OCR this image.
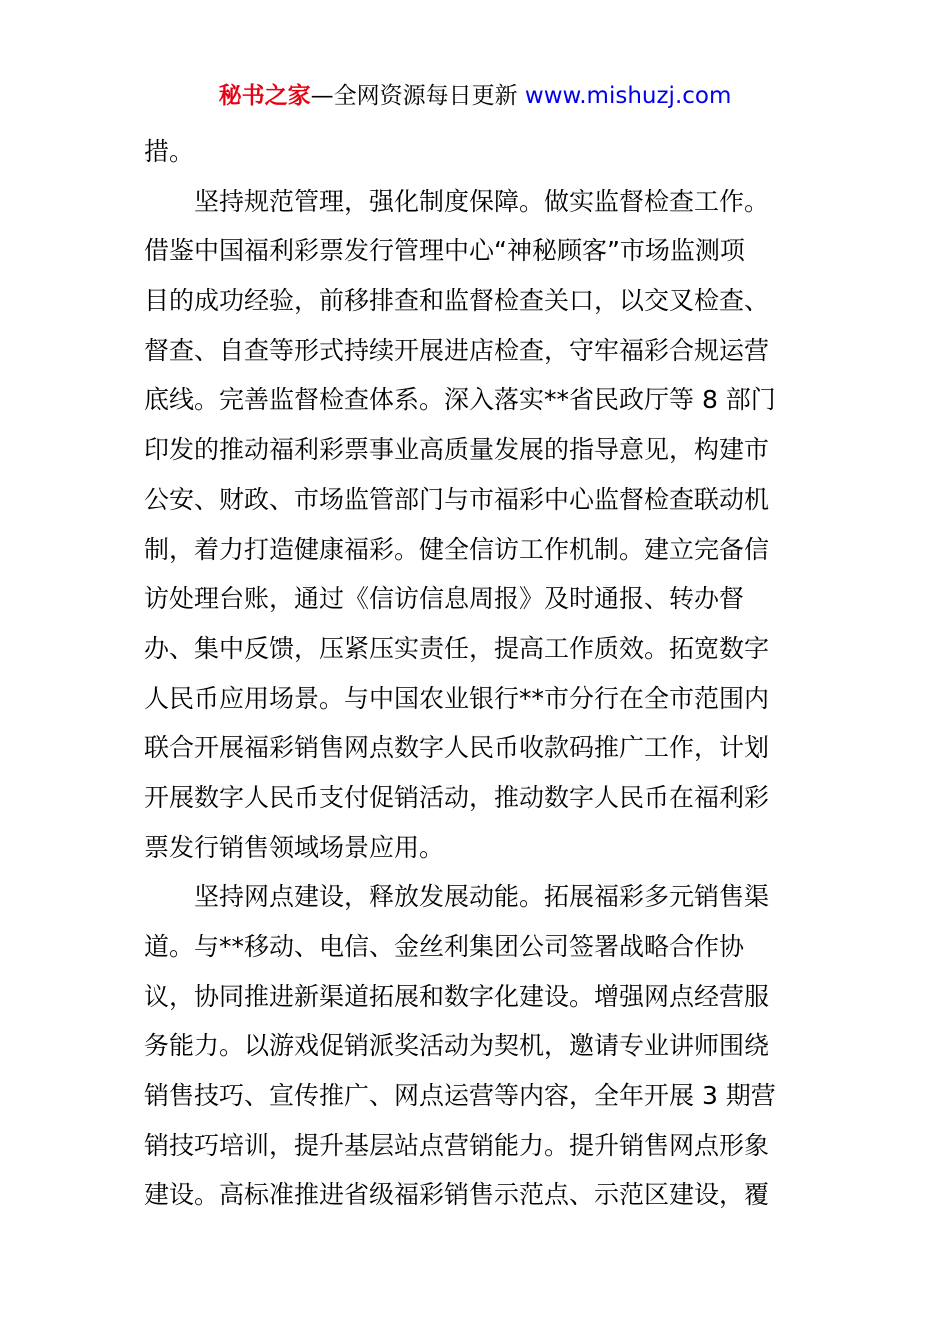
秘书之家—全网资源每日更新 www.mishuzj.com
措。
坚持规范管理，强化制度保障。做实监督检查工作。
借鉴中国福利彩票发行管理中心“神秘顾客”市场监测项
目的成功经验，前移排查和监督检查关口，以交叉检查、
督查、自查等形式持续开展进店检查，守牢福彩合规运营
底线。完善监督检查体系。深入落实**省民政厅等 8 部门
印发的推动福利彩票事业高质量发展的指导意见，构建市
公安、财政、市场监管部门与市福彩中心监督检查联动机
制，着力打造健康福彩。健全信访工作机制。建立完备信
访处理台账，通过《信访信息周报》及时通报、转办督
办、集中反馈，压紧压实责任，提高工作质效。拓宽数字
人民币应用场景。与中国农业银行**市分行在全市范围内
联合开展福彩销售网点数字人民币收款码推广工作，计划
开展数字人民币支付促销活动，推动数字人民币在福利彩
票发行销售领域场景应用。
坚持网点建设，释放发展动能。拓展福彩多元销售渠
道。与**移动、电信、金丝利集团公司签署战略合作协
议，协同推进新渠道拓展和数字化建设。增强网点经营服
务能力。以游戏促销派奖活动为契机，邀请专业讲师围绕
销售技巧、宣传推广、网点运营等内容，全年开展 3 期营
销技巧培训，提升基层站点营销能力。提升销售网点形象
建设。高标准推进省级福彩销售示范点、示范区建设，覆
